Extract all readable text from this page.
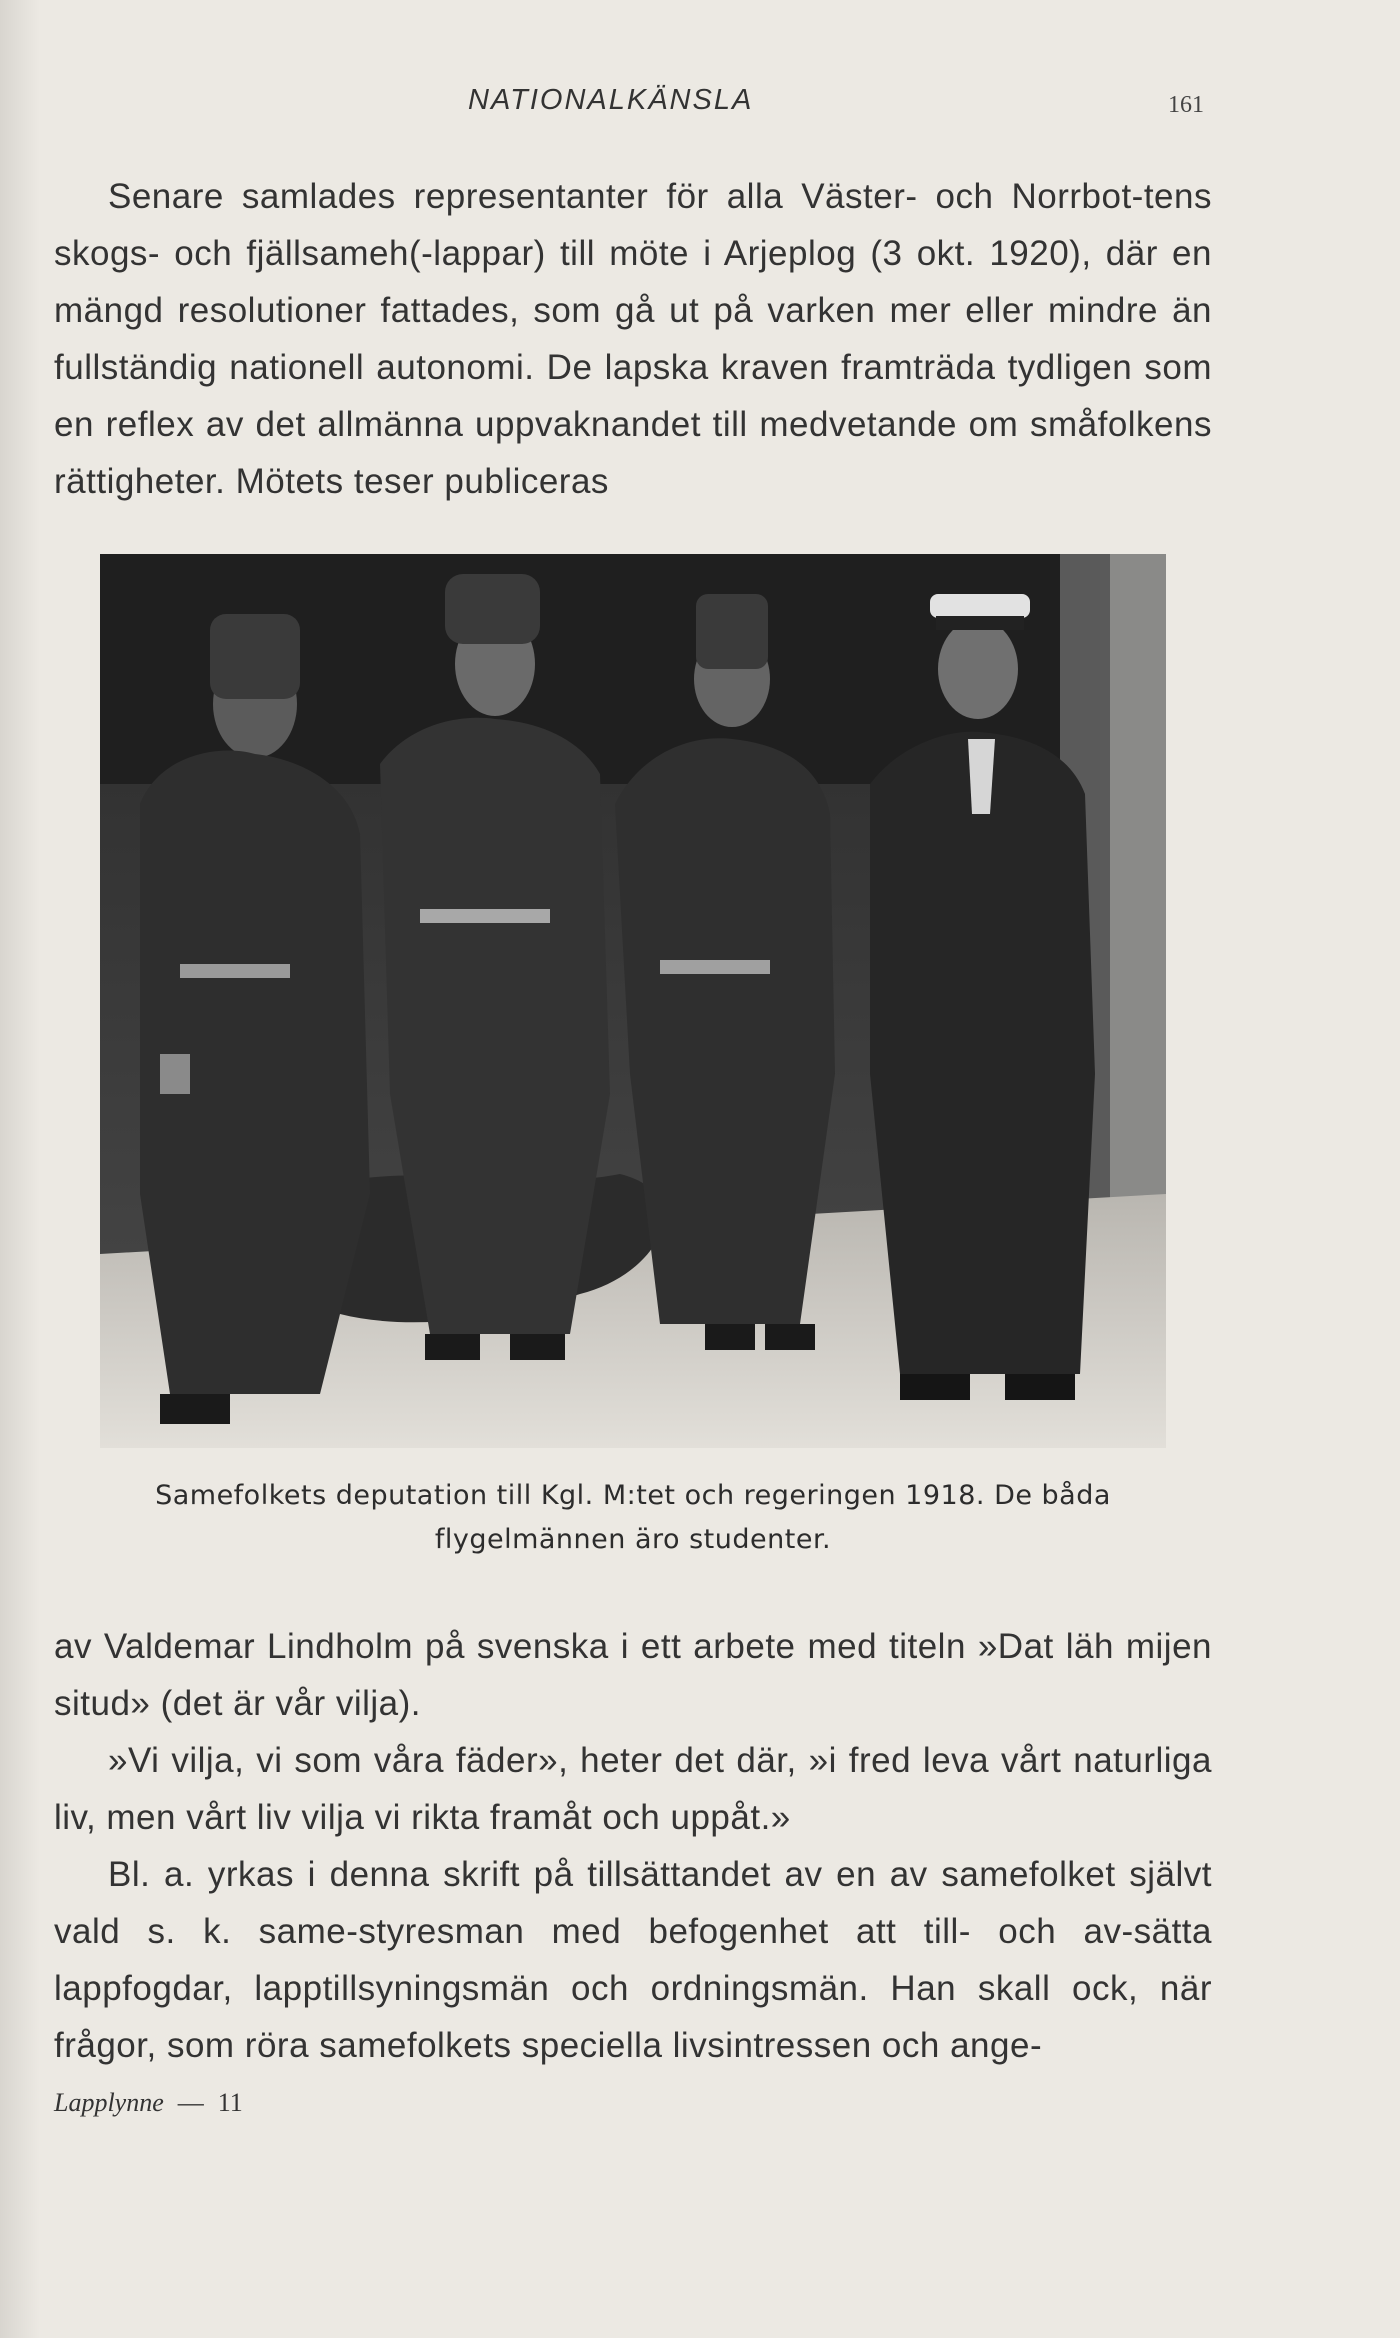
NATIONALKÄNSLA	161

Senare samlades representanter för alla Väster- och Norrbot-tens skogs- och fjällsameh(-lappar) till möte i Arjeplog (3 okt. 1920), där en mängd resolutioner fattades, som gå ut på varken mer eller mindre än fullständig nationell autonomi. De lapska kraven framträda tydligen som en reflex av det allmänna uppvaknandet till medvetande om småfolkens rättigheter. Mötets teser publiceras

Samefolkets deputation till Kgl. M:tet och regeringen 1918. De båda

flygelmännen äro studenter.

av Valdemar Lindholm på svenska i ett arbete med titeln »Dat läh mijen situd» (det är vår vilja).

»Vi vilja, vi som våra fäder», heter det där, »i fred leva vårt naturliga liv, men vårt liv vilja vi rikta framåt och uppåt.»

Bl. a. yrkas i denna skrift på tillsättandet av en av samefolket självt vald s. k. same-styresman med befogenhet att till- och av-sätta lappfogdar, lapptillsyningsmän och ordningsmän. Han skall ock, när frågor, som röra samefolkets speciella livsintressen och ange-

Lapplynne — 11
